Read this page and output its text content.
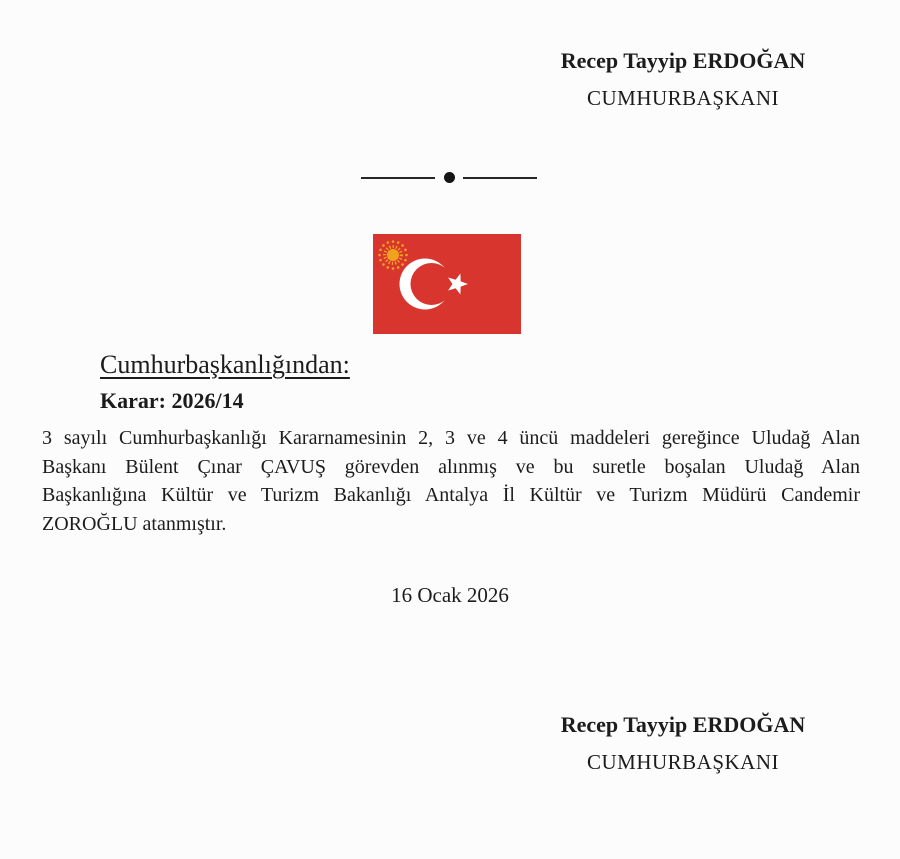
Recep Tayyip ERDOĞAN
CUMHURBAŞKANI
Cumhurbaşkanlığından:
Karar: 2026/14
3 sayılı Cumhurbaşkanlığı Kararnamesinin 2, 3 ve 4 üncü maddeleri gereğince Uludağ Alan
Başkanı Bülent Çınar ÇAVUŞ görevden alınmış ve bu suretle boşalan Uludağ Alan
Başkanlığına Kültür ve Turizm Bakanlığı Antalya İl Kültür ve Turizm Müdürü Candemir
ZOROĞLU atanmıştır.
16 Ocak 2026
Recep Tayyip ERDOĞAN
CUMHURBAŞKANI
